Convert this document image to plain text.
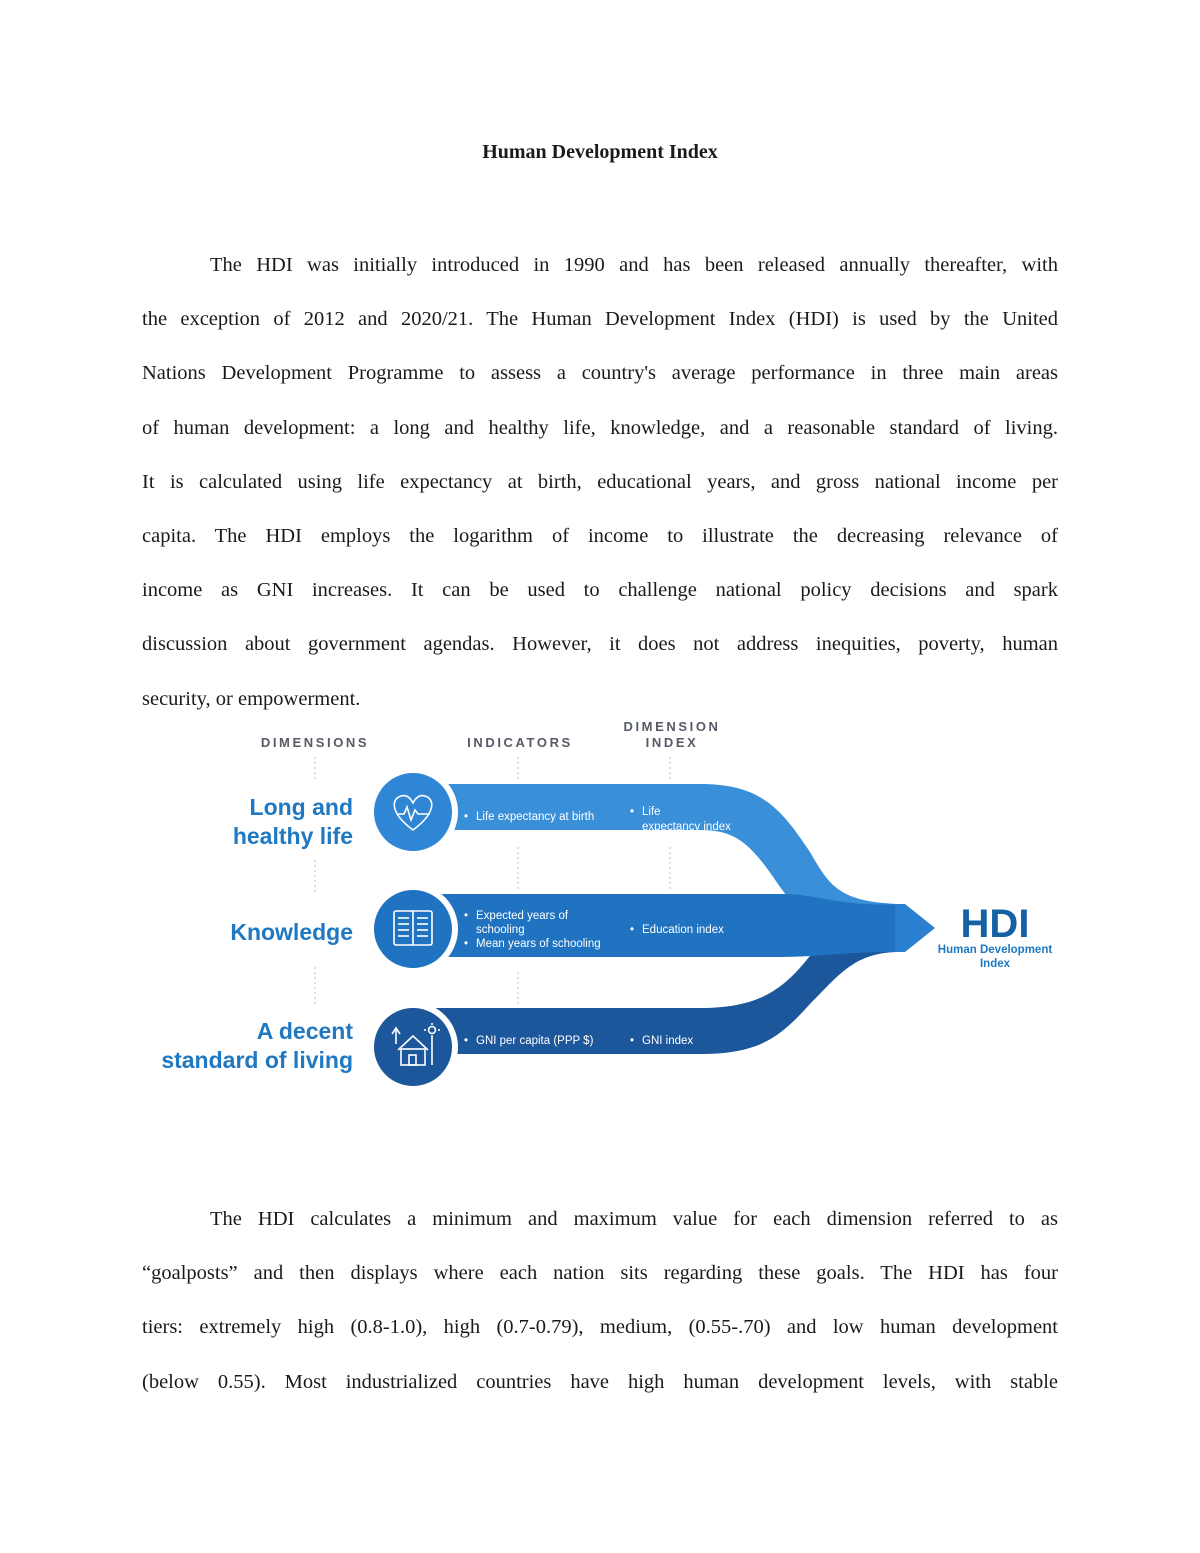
Human Development Index
The HDI was initially introduced in 1990 and has been released annually thereafter, with
the exception of 2012 and 2020/21. The Human Development Index (HDI) is used by the United
Nations Development Programme to assess a country's average performance in three main areas
of human development: a long and healthy life, knowledge, and a reasonable standard of living.
It is calculated using life expectancy at birth, educational years, and gross national income per
capita. The HDI employs the logarithm of income to illustrate the decreasing relevance of
income as GNI increases. It can be used to challenge national policy decisions and spark
discussion about government agendas. However, it does not address inequities, poverty, human
security, or empowerment.
DIMENSIONS	INDICATORS
DIMENSION
INDEX
Long and
healthy life
Knowledge
A decent
standard of living
• Life expectancy at birth
• Expected years of
schooling
• Mean years of schooling
• GNI per capita (PPP $)
• Life
expectancy index
• Education index
• GNI index
HDI
Human Development
Index
The HDI calculates a minimum and maximum value for each dimension referred to as
“goalposts” and then displays where each nation sits regarding these goals. The HDI has four
tiers: extremely high (0.8-1.0), high (0.7-0.79), medium, (0.55-.70) and low human development
(below 0.55). Most industrialized countries have high human development levels, with stable
